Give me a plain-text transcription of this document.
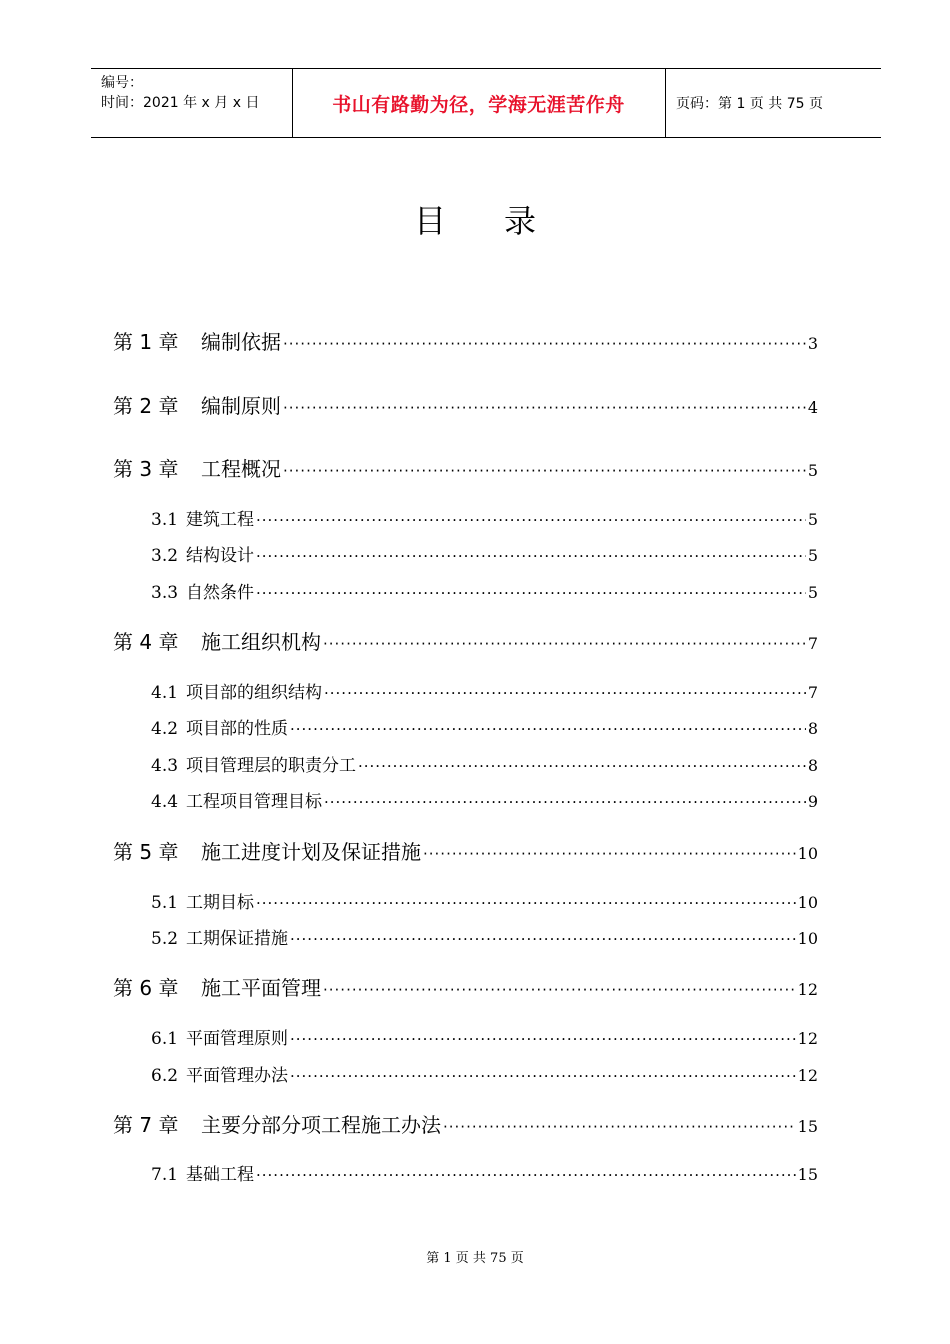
编号：
时间：2021 年 x 月 x 日	书山有路勤为径，学海无涯苦作舟	页码：第 1 页 共 75 页
目录
第 1 章	编制依据 ·····	3
第 2 章	编制原则 ·····	4
第 3 章	工程概况 ·····	5
3.1 建筑工程 ·····	5
3.2 结构设计 ·····	5
3.3 自然条件 ·····	5
第 4 章	施工组织机构 ·····	7
4.1 项目部的组织结构 ·····	7
4.2 项目部的性质 ·····	8
4.3 项目管理层的职责分工 ·····	8
4.4 工程项目管理目标 ·····	9
第 5 章	施工进度计划及保证措施 ·····	10
5.1 工期目标 ·····	10
5.2 工期保证措施 ·····	10
第 6 章	施工平面管理 ·····	12
6.1 平面管理原则 ·····	12
6.2 平面管理办法 ·····	12
第 7 章	主要分部分项工程施工办法 ·····	15
7.1 基础工程 ·····	15
第 1 页 共 75 页
